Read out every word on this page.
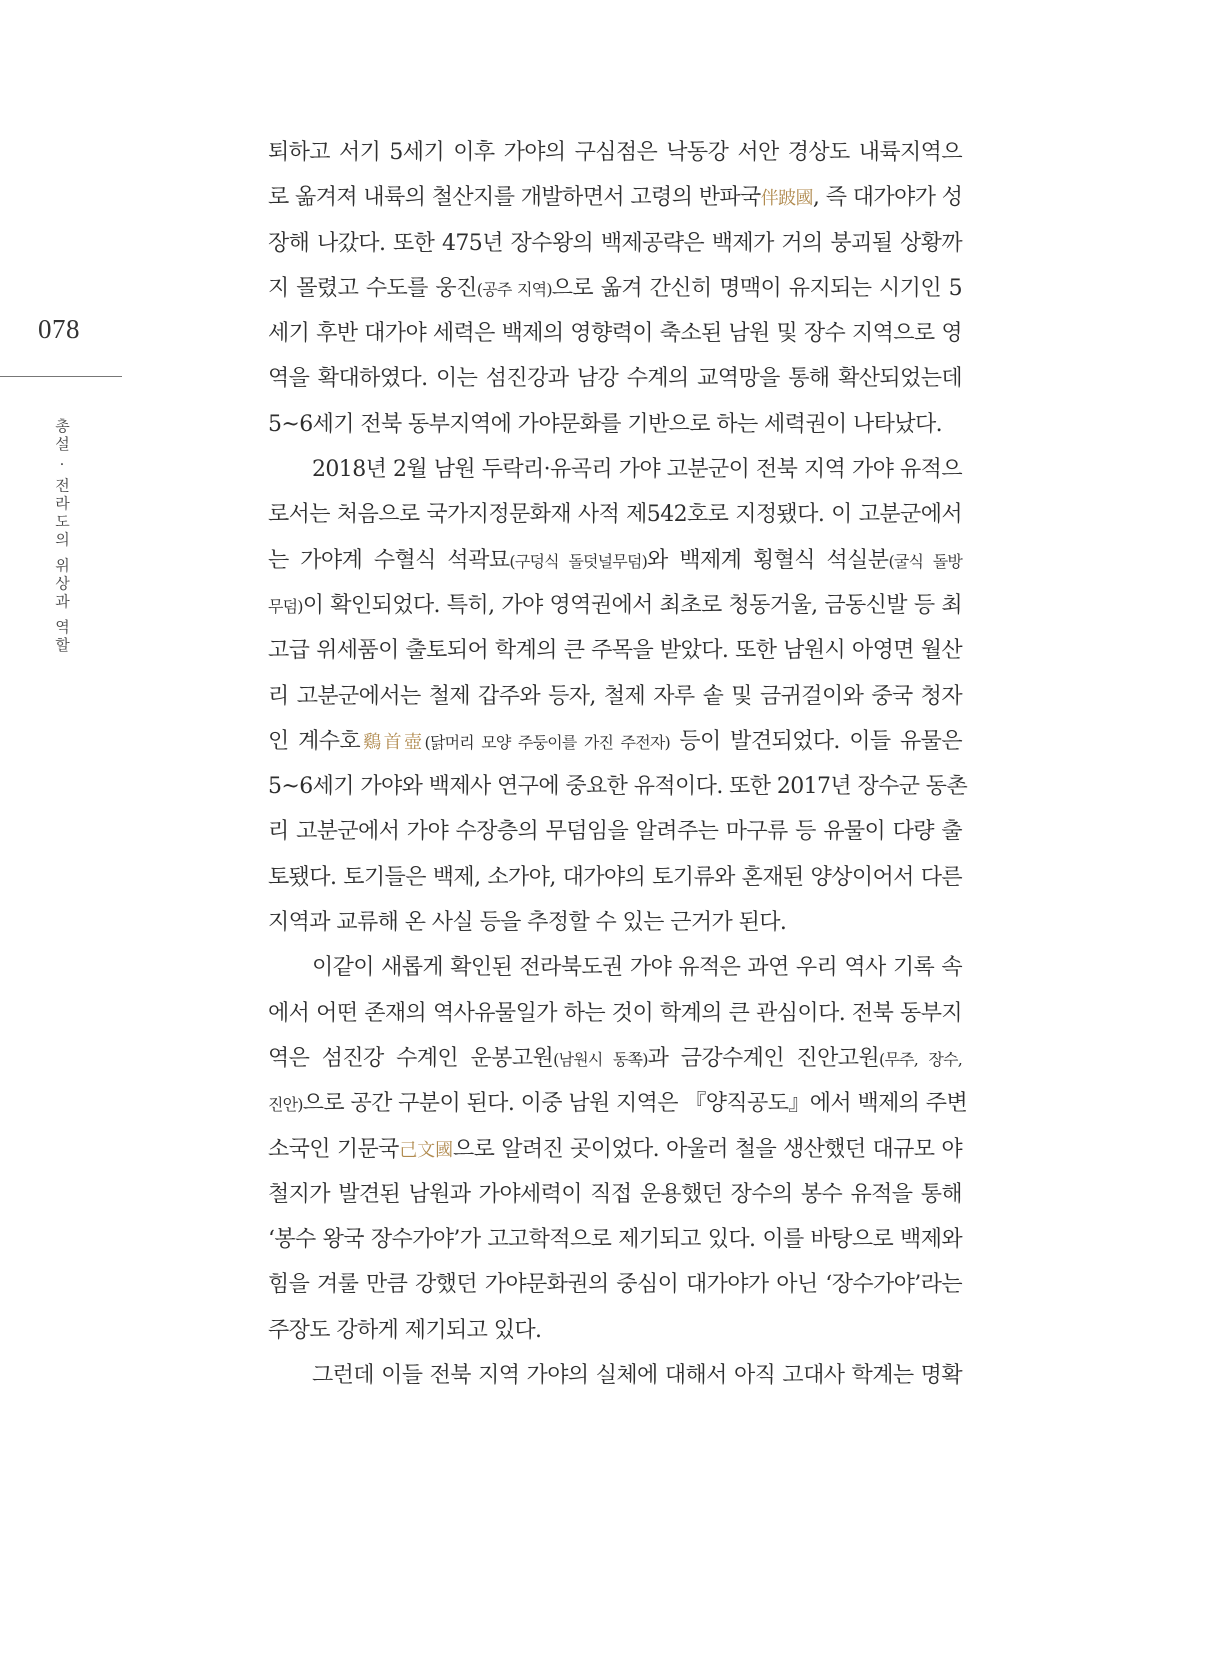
078
총설 · 전라도의 위상과 역할
퇴하고 서기 5세기 이후 가야의 구심점은 낙동강 서안 경상도 내륙지역으
로 옮겨져 내륙의 철산지를 개발하면서 고령의 반파국伴跛國, 즉 대가야가 성
장해 나갔다. 또한 475년 장수왕의 백제공략은 백제가 거의 붕괴될 상황까
지 몰렸고 수도를 웅진(공주 지역)으로 옮겨 간신히 명맥이 유지되는 시기인 5
세기 후반 대가야 세력은 백제의 영향력이 축소된 남원 및 장수 지역으로 영
역을 확대하였다. 이는 섬진강과 남강 수계의 교역망을 통해 확산되었는데
5~6세기 전북 동부지역에 가야문화를 기반으로 하는 세력권이 나타났다.
2018년 2월 남원 두락리·유곡리 가야 고분군이 전북 지역 가야 유적으
로서는 처음으로 국가지정문화재 사적 제542호로 지정됐다. 이 고분군에서
는 가야계 수혈식 석곽묘(구덩식 돌덧널무덤)와 백제계 횡혈식 석실분(굴식 돌방
무덤)이 확인되었다. 특히, 가야 영역권에서 최초로 청동거울, 금동신발 등 최
고급 위세품이 출토되어 학계의 큰 주목을 받았다. 또한 남원시 아영면 월산
리 고분군에서는 철제 갑주와 등자, 철제 자루 솥 및 금귀걸이와 중국 청자
인 계수호鷄首壺(닭머리 모양 주둥이를 가진 주전자) 등이 발견되었다. 이들 유물은
5~6세기 가야와 백제사 연구에 중요한 유적이다. 또한 2017년 장수군 동촌
리 고분군에서 가야 수장층의 무덤임을 알려주는 마구류 등 유물이 다량 출
토됐다. 토기들은 백제, 소가야, 대가야의 토기류와 혼재된 양상이어서 다른
지역과 교류해 온 사실 등을 추정할 수 있는 근거가 된다.
이같이 새롭게 확인된 전라북도권 가야 유적은 과연 우리 역사 기록 속
에서 어떤 존재의 역사유물일가 하는 것이 학계의 큰 관심이다. 전북 동부지
역은 섬진강 수계인 운봉고원(남원시 동쪽)과 금강수계인 진안고원(무주, 장수,
진안)으로 공간 구분이 된다. 이중 남원 지역은 『양직공도』에서 백제의 주변
소국인 기문국己文國으로 알려진 곳이었다. 아울러 철을 생산했던 대규모 야
철지가 발견된 남원과 가야세력이 직접 운용했던 장수의 봉수 유적을 통해
‘봉수 왕국 장수가야’가 고고학적으로 제기되고 있다. 이를 바탕으로 백제와
힘을 겨룰 만큼 강했던 가야문화권의 중심이 대가야가 아닌 ‘장수가야’라는
주장도 강하게 제기되고 있다.
그런데 이들 전북 지역 가야의 실체에 대해서 아직 고대사 학계는 명확
